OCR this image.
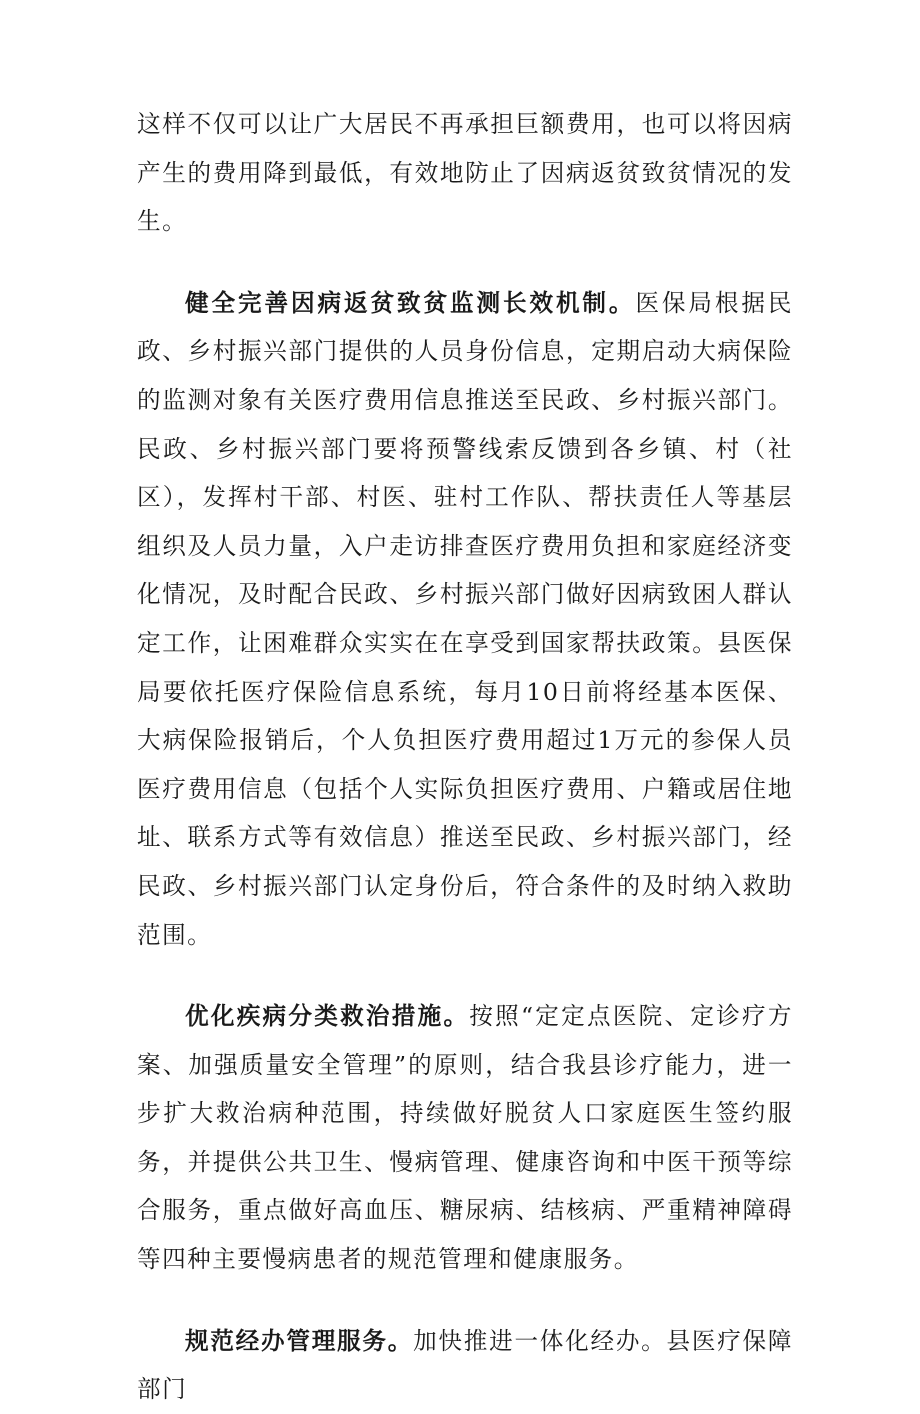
这样不仅可以让广大居民不再承担巨额费用，也可以将因病产生的费用降到最低，有效地防止了因病返贫致贫情况的发生。

健全完善因病返贫致贫监测长效机制。医保局根据民政、乡村振兴部门提供的人员身份信息，定期启动大病保险的监测对象有关医疗费用信息推送至民政、乡村振兴部门。民政、乡村振兴部门要将预警线索反馈到各乡镇、村（社区），发挥村干部、村医、驻村工作队、帮扶责任人等基层组织及人员力量，入户走访排查医疗费用负担和家庭经济变化情况，及时配合民政、乡村振兴部门做好因病致困人群认定工作，让困难群众实实在在享受到国家帮扶政策。县医保局要依托医疗保险信息系统，每月10日前将经基本医保、大病保险报销后，个人负担医疗费用超过1万元的参保人员医疗费用信息（包括个人实际负担医疗费用、户籍或居住地址、联系方式等有效信息）推送至民政、乡村振兴部门，经民政、乡村振兴部门认定身份后，符合条件的及时纳入救助范围。

优化疾病分类救治措施。按照“定定点医院、定诊疗方案、加强质量安全管理”的原则，结合我县诊疗能力，进一步扩大救治病种范围，持续做好脱贫人口家庭医生签约服务，并提供公共卫生、慢病管理、健康咨询和中医干预等综合服务，重点做好高血压、糖尿病、结核病、严重精神障碍等四种主要慢病患者的规范管理和健康服务。

规范经办管理服务。加快推进一体化经办。县医疗保障部门
